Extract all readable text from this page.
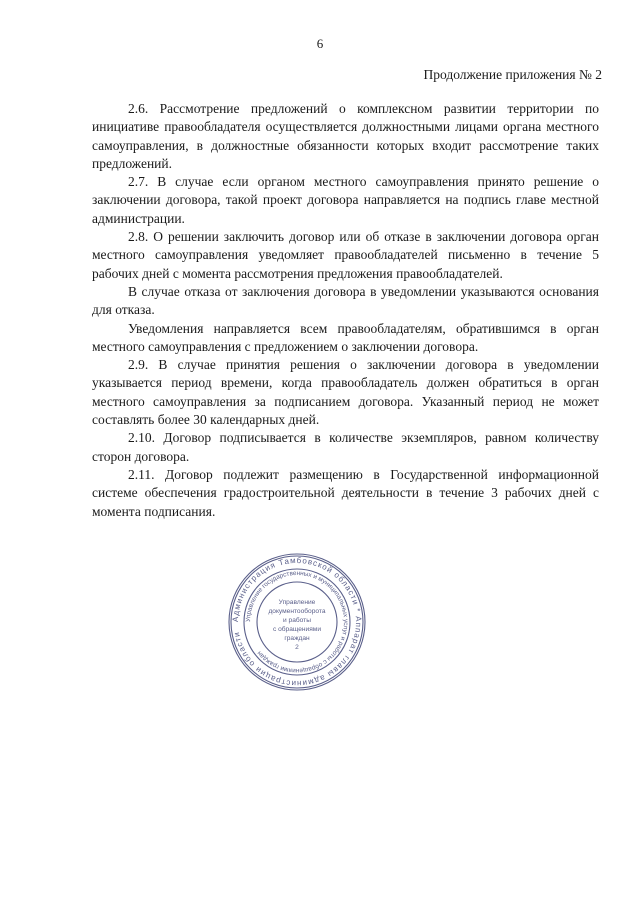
6
Продолжение приложения № 2

2.6. Рассмотрение предложений о комплексном развитии территории по инициативе правообладателя осуществляется должностными лицами органа местного самоуправления, в должностные обязанности которых входит рассмотрение таких предложений.

2.7. В случае если органом местного самоуправления принято решение о заключении договора, такой проект договора направляется на подпись главе местной администрации.

2.8. О решении заключить договор или об отказе в заключении договора орган местного самоуправления уведомляет правообладателей письменно в течение 5 рабочих дней с момента рассмотрения предложения правообладателей.

В случае отказа от заключения договора в уведомлении указываются основания для отказа.

Уведомления направляется всем правообладателям, обратившимся в орган местного самоуправления с предложением о заключении договора.

2.9. В случае принятия решения о заключении договора в уведомлении указывается период времени, когда правообладатель должен обратиться в орган местного самоуправления за подписанием договора. Указанный период не может составлять более 30 календарных дней.

2.10. Договор подписывается в количестве экземпляров, равном количеству сторон договора.

2.11. Договор подлежит размещению в Государственной информационной системе обеспечения градостроительной деятельности в течение 3 рабочих дней с момента подписания.

Администрация Тамбовской области * Аппарат главы администрации области
Управление государственных и муниципальных услуг и работы с обращениями граждан
Управление
документооборота
и работы
с обращениями
граждан
2
